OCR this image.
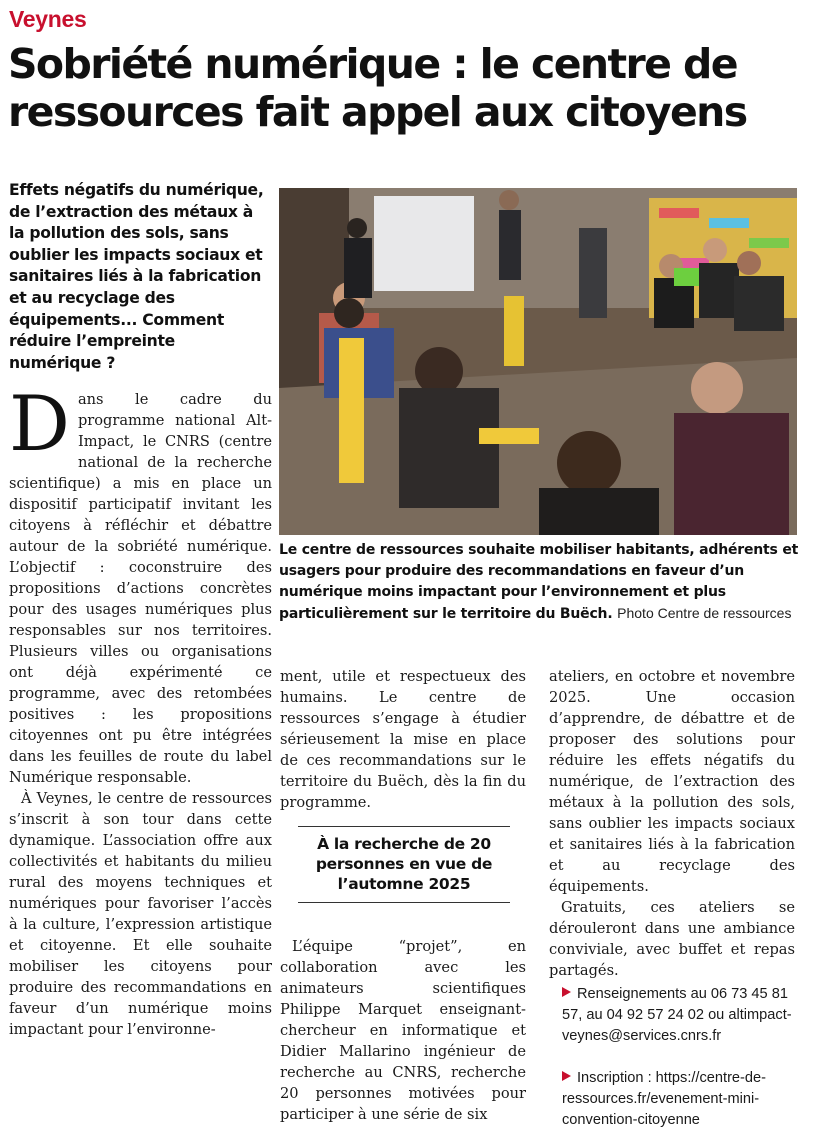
Veynes
Sobriété numérique : le centre de ressources fait appel aux citoyens
Effets négatifs du numérique, de l’extraction des métaux à la pollution des sols, sans oublier les impacts sociaux et sanitaires liés à la fabrication et au recyclage des équipements... Comment réduire l’empreinte numérique ?

Le centre de ressources souhaite mobiliser habitants, adhérents et usagers pour produire des recommandations en faveur d’un numérique moins impactant pour l’environnement et plus particulièrement sur le territoire du Buëch. Photo Centre de ressources

Dans le cadre du programme national Alt-Impact, le CNRS (centre national de la recherche scientifique) a mis en place un dispositif participatif invitant les citoyens à réfléchir et débattre autour de la sobriété numérique. L’objectif : coconstruire des propositions d’actions concrètes pour des usages numériques plus responsables sur nos territoires. Plusieurs villes ou organisations ont déjà expérimenté ce programme, avec des retombées positives : les propositions citoyennes ont pu être intégrées dans les feuilles de route du label Numérique responsable.

À Veynes, le centre de ressources s’inscrit à son tour dans cette dynamique. L’association offre aux collectivités et habitants du milieu rural des moyens techniques et numériques pour favoriser l’accès à la culture, l’expression artistique et citoyenne. Et elle souhaite mobiliser les citoyens pour produire des recommandations en faveur d’un numérique moins impactant pour l’environne-

ment, utile et respectueux des humains. Le centre de ressources s’engage à étudier sérieusement la mise en place de ces recommandations sur le territoire du Buëch, dès la fin du programme.

À la recherche de 20 personnes en vue de l’automne 2025

L’équipe “projet”, en collaboration avec les animateurs scientifiques Philippe Marquet enseignant-chercheur en informatique et Didier Mallarino ingénieur de recherche au CNRS, recherche 20 personnes motivées pour participer à une série de six

ateliers, en octobre et novembre 2025. Une occasion d’apprendre, de débattre et de proposer des solutions pour réduire les effets négatifs du numérique, de l’extraction des métaux à la pollution des sols, sans oublier les impacts sociaux et sanitaires liés à la fabrication et au recyclage des équipements.

Gratuits, ces ateliers se dérouleront dans une ambiance conviviale, avec buffet et repas partagés.

Renseignements au 06 73 45 81 57, au 04 92 57 24 02 ou altimpact-veynes@services.cnrs.fr
Inscription : https://centre-de-ressources.fr/evenement-mini-convention-citoyenne
